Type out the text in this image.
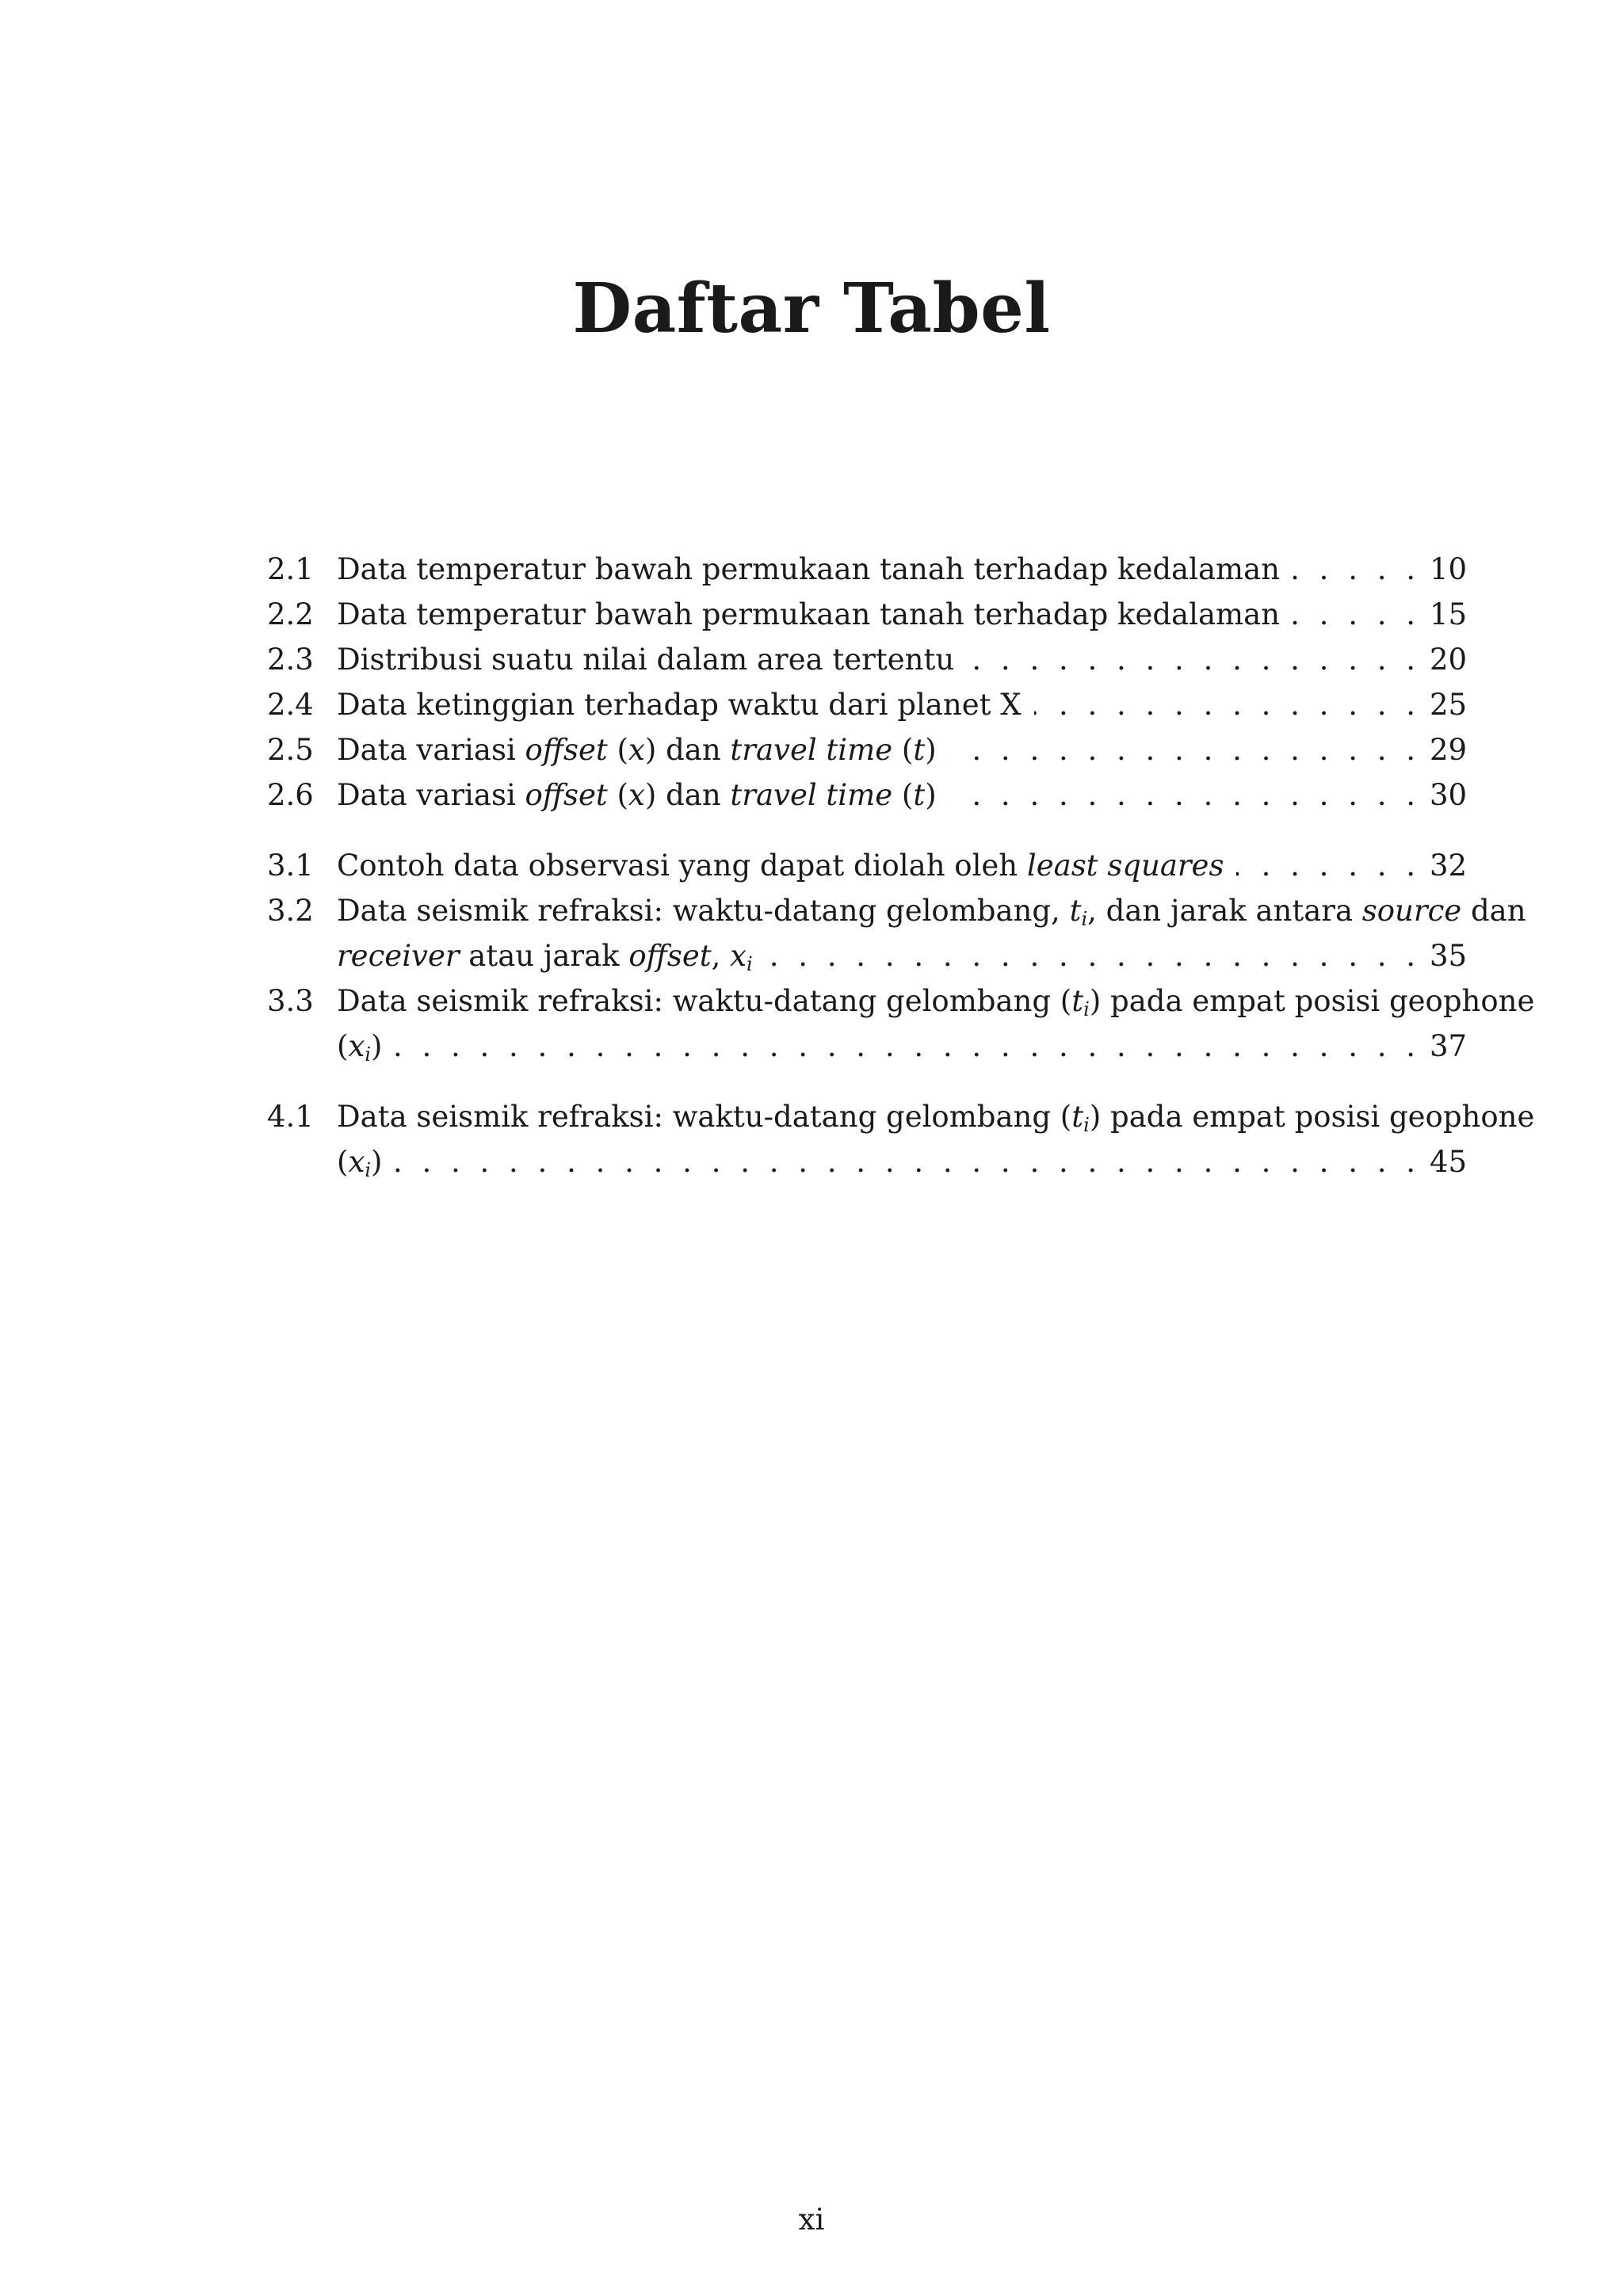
Daftar Tabel
2.1 Data temperatur bawah permukaan tanah terhadap kedalaman . . .	10
2.2 Data temperatur bawah permukaan tanah terhadap kedalaman . . .	15
2.3 Distribusi suatu nilai dalam area tertentu . . .	20
2.4 Data ketinggian terhadap waktu dari planet X . . .	25
2.5 Data variasi offset (x) dan travel time (t) . . .	29
2.6 Data variasi offset (x) dan travel time (t) . . .	30
3.1 Contoh data observasi yang dapat diolah oleh least squares . . .	32
3.2 Data seismik refraksi: waktu-datang gelombang, $t_i$, dan jarak antara source dan
receiver atau jarak offset, $x_i$ . . .	35
3.3 Data seismik refraksi: waktu-datang gelombang $(t_i)$ pada empat posisi geophone
$(x_i)$ . . .	37
4.1 Data seismik refraksi: waktu-datang gelombang $(t_i)$ pada empat posisi geophone
$(x_i)$ . . .	45

xi
